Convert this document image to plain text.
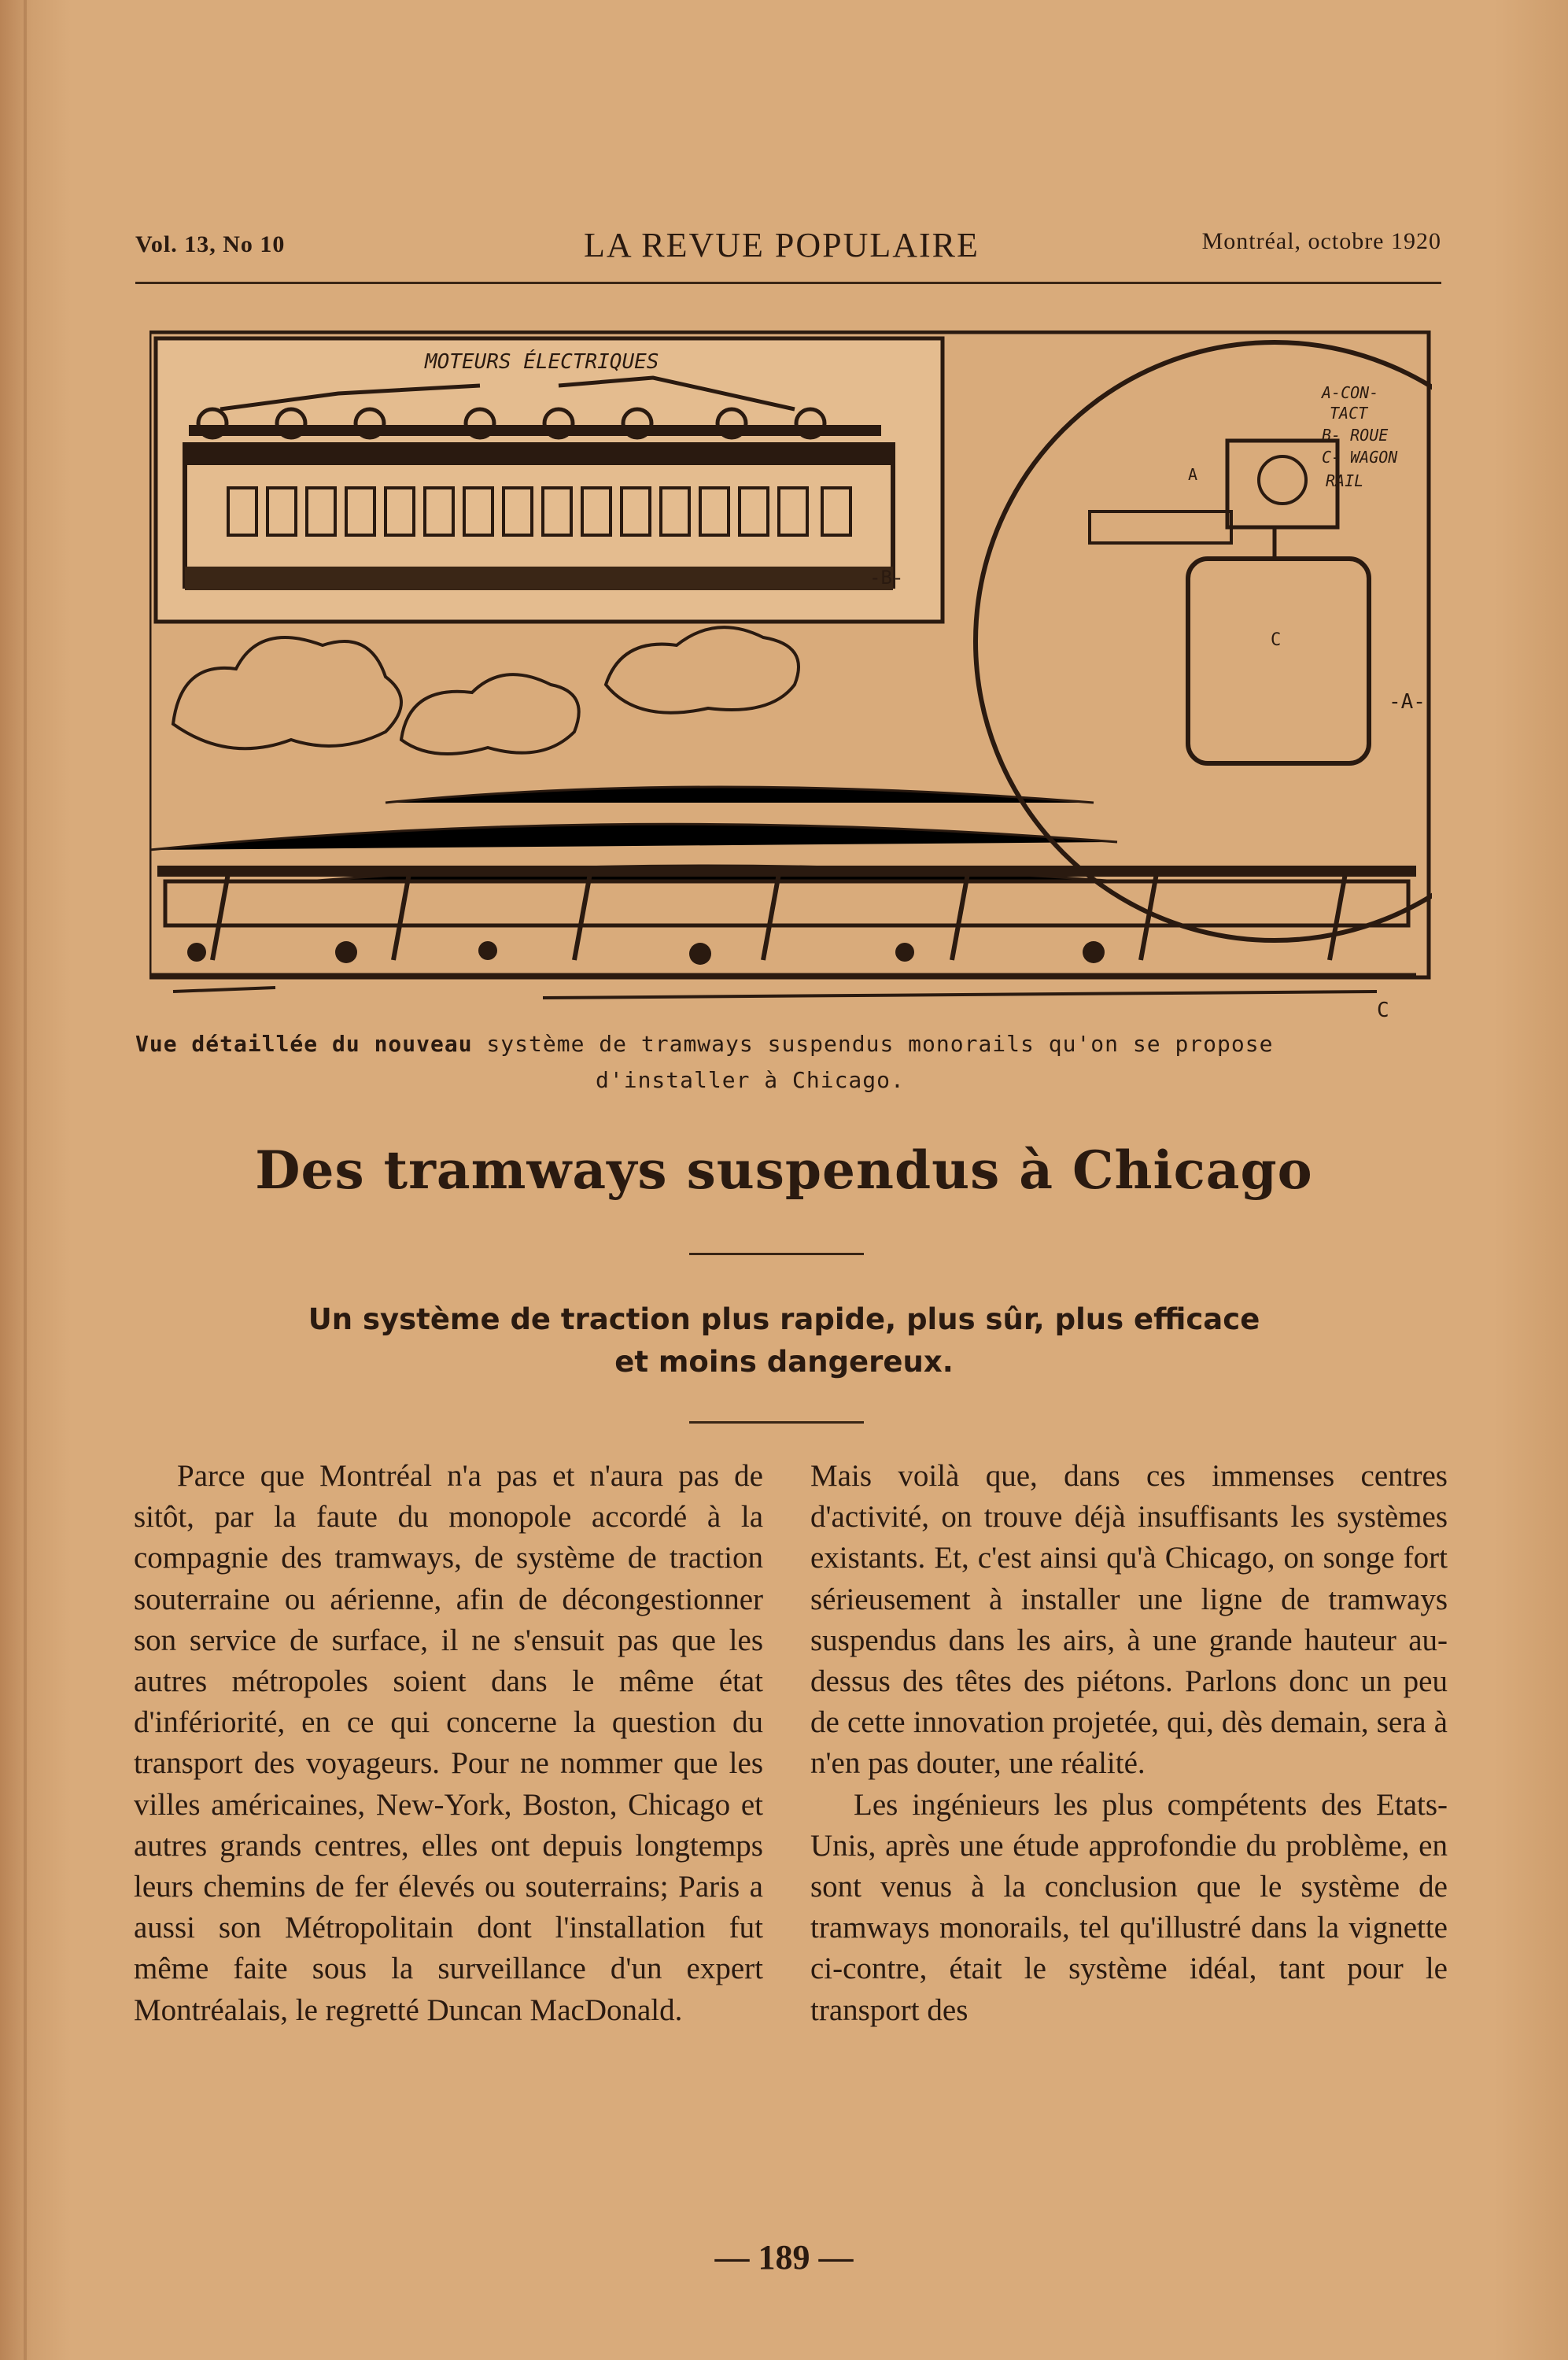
Vol. 13, No 10	LA REVUE POPULAIRE	Montréal, octobre 1920
MOTEURS ÉLECTRIQUES
-B-
A
C
A-CON-
TACT
B- ROUE
C- WAGON
RAIL
-A-
C
Vue détaillée du nouveau système de tramways suspendus monorails qu'on se propose
d'installer à Chicago.
Des tramways suspendus à Chicago
Un système de traction plus rapide, plus sûr, plus efficace
et moins dangereux.

Parce que Montréal n'a pas et n'aura pas de sitôt, par la faute du monopole accordé à la compagnie des tramways, de système de traction souterraine ou aérienne, afin de décongestionner son service de surface, il ne s'ensuit pas que les autres métropoles soient dans le même état d'infériorité, en ce qui concerne la question du transport des voyageurs. Pour ne nommer que les villes américaines, New-York, Boston, Chicago et autres grands centres, elles ont depuis longtemps leurs chemins de fer élevés ou souterrains; Paris a aussi son Métropolitain dont l'installation fut même faite sous la surveillance d'un expert Montréalais, le regretté Duncan MacDonald.

Mais voilà que, dans ces immenses centres d'activité, on trouve déjà insuffisants les systèmes existants. Et, c'est ainsi qu'à Chicago, on songe fort sérieusement à installer une ligne de tramways suspendus dans les airs, à une grande hauteur au-dessus des têtes des piétons. Parlons donc un peu de cette innovation projetée, qui, dès demain, sera à n'en pas douter, une réalité.

Les ingénieurs les plus compétents des Etats-Unis, après une étude approfondie du problème, en sont venus à la conclusion que le système de tramways monorails, tel qu'illustré dans la vignette ci-contre, était le système idéal, tant pour le transport des

— 189 —
